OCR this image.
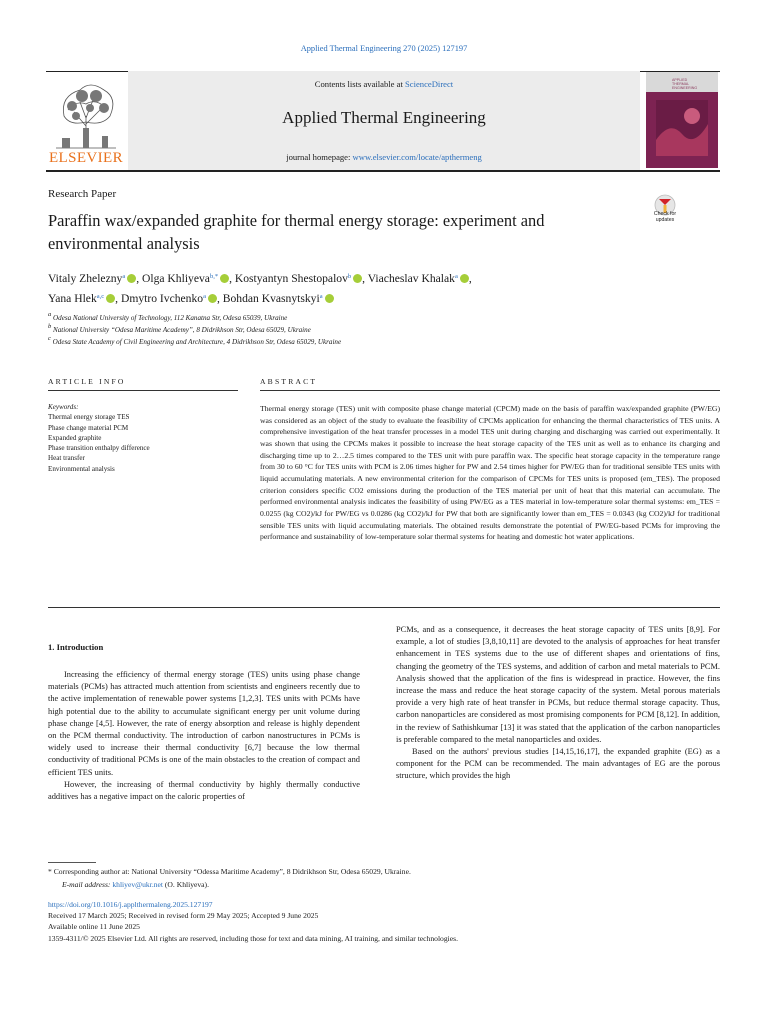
Applied Thermal Engineering 270 (2025) 127197
ELSEVIER
Contents lists available at ScienceDirect
Applied Thermal Engineering
journal homepage: www.elsevier.com/locate/apthermeng
APPLIED
THERMAL
ENGINEERING
Research Paper
Paraffin wax/expanded graphite for thermal energy storage: experiment and environmental analysis
Check for
updates
Vitaly Zhelezny$^a$ , Olga Khliyeva$^{b,*}$ , Kostyantyn Shestopalov$^b$ , Viacheslav Khalak$^a$ ,
Yana Hlek$^{a,c}$ , Dmytro Ivchenko$^a$ , Bohdan Kvasnytskyi$^a$
a Odesa National University of Technology, 112 Kanatna Str, Odesa 65039, Ukraine
b National University “Odesa Maritime Academy”, 8 Didrikhson Str, Odesa 65029, Ukraine
c Odesa State Academy of Civil Engineering and Architecture, 4 Didrikhson Str, Odesa 65029, Ukraine
ARTICLE INFO	ABSTRACT
Keywords:
Thermal energy storage TES
Phase change material PCM
Expanded graphite
Phase transition enthalpy difference
Heat transfer
Environmental analysis
Thermal energy storage (TES) unit with composite phase change material (CPCM) made on the basis of paraffin wax/expanded graphite (PW/EG) was considered as an object of the study to evaluate the feasibility of CPCMs application for enhancing the thermal characteristics of TES units. A comprehensive investigation of the heat transfer processes in a model TES unit during charging and discharging was carried out experimentally. It was shown that using the CPCMs makes it possible to increase the heat storage capacity of the TES unit as well as to enhance its charging and discharging time up to 2…2.5 times compared to the TES unit with pure paraffin wax. The specific heat storage capacity in the temperature range from 30 to 60 °C for TES units with PCM is 2.06 times higher for PW and 2.54 times higher for PW/EG than for traditional sensible TES units with liquid accumulating materials. A new environmental criterion for the comparison of CPCMs for TES units is proposed (em_TES). The proposed criterion considers specific CO2 emissions during the production of the TES material per unit of heat that this material can accumulate. The performed environmental analysis indicates the feasibility of using PW/EG as a TES material in low-temperature solar thermal systems: em_TES = 0.0255 (kg CO2)/kJ for PW/EG vs 0.0286 (kg CO2)/kJ for PW that both are significantly lower than em_TES = 0.0343 (kg CO2)/kJ for traditional sensible TES units with liquid accumulating materials. The obtained results demonstrate the potential of PW/EG-based PCMs for improving the performance and sustainability of low-temperature solar thermal systems for heating and domestic hot water applications.
1. Introduction

Increasing the efficiency of thermal energy storage (TES) units using phase change materials (PCMs) has attracted much attention from scientists and engineers recently due to the active implementation of renewable power systems [1,2,3]. TES units with PCMs have high potential due to the ability to accumulate significant energy per unit volume during phase change [4,5]. However, the rate of energy absorption and release is highly dependent on the PCM thermal conductivity. The introduction of carbon nanostructures in PCMs is widely used to increase their thermal conductivity [6,7] because the low thermal conductivity of traditional PCMs is one of the main obstacles to the creation of compact and efficient TES units.

However, the increasing of thermal conductivity by highly thermally conductive additives has a negative impact on the caloric properties of

PCMs, and as a consequence, it decreases the heat storage capacity of TES units [8,9]. For example, a lot of studies [3,8,10,11] are devoted to the analysis of approaches for heat transfer enhancement in TES systems due to the use of different shapes and orientations of fins, changing the geometry of the TES systems, and addition of carbon and metal materials to PCM. Analysis showed that the application of the fins is widespread in practice. However, the fins increase the mass and reduce the heat storage capacity of the system. Metal porous materials provide a very high rate of heat transfer in PCMs, but reduce thermal storage capacity. Thus, carbon nanoparticles are considered as most promising components for PCM [8,12]. In addition, in the review of Sathishkumar [13] it was stated that the application of the carbon nanoparticles is preferable compared to the metal nanoparticles and oxides.

Based on the authors' previous studies [14,15,16,17], the expanded graphite (EG) as a component for the PCM can be recommended. The main advantages of EG are the porous structure, which provides the high

* Corresponding author at: National University “Odessa Maritime Academy”, 8 Didrikhson Str, Odesa 65029, Ukraine.
E-mail address: khliyev@ukr.net (O. Khliyeva).
https://doi.org/10.1016/j.applthermaleng.2025.127197
Received 17 March 2025; Received in revised form 29 May 2025; Accepted 9 June 2025
Available online 11 June 2025
1359-4311/© 2025 Elsevier Ltd. All rights are reserved, including those for text and data mining, AI training, and similar technologies.
